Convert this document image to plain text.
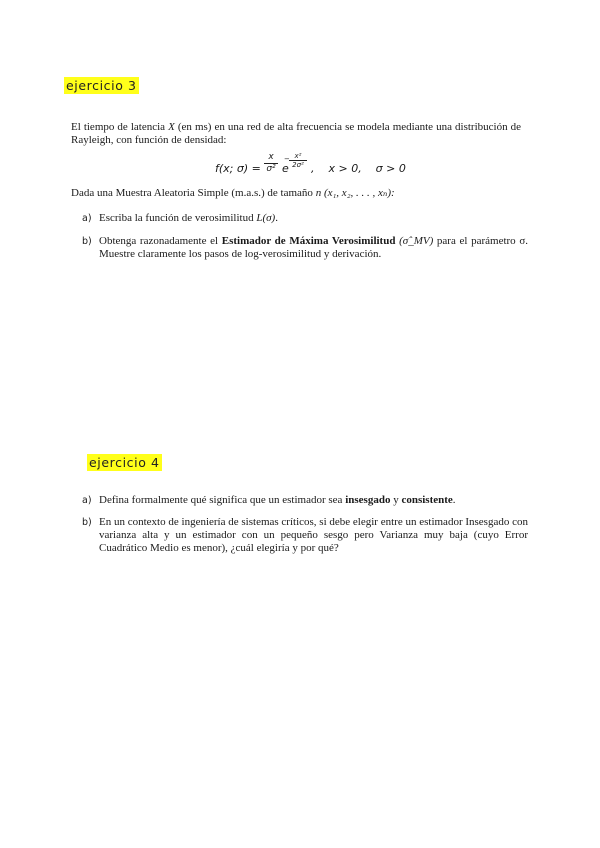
ejercicio 3
El tiempo de latencia X (en ms) en una red de alta frecuencia se modela mediante una distribución de Rayleigh, con función de densidad:
f(x; σ) =
x
σ² e
− x²
2σ² ,    x > 0,    σ > 0
Dada una Muestra Aleatoria Simple (m.a.s.) de tamaño n (x₁, x₂, . . . , xₙ):
a) Escriba la función de verosimilitud L(σ).
b) Obtenga razonadamente el Estimador de Máxima Verosimilitud (σ̂_MV) para el parámetro σ. Muestre claramente los pasos de log-verosimilitud y derivación.
ejercicio 4
a) Defina formalmente qué significa que un estimador sea insesgado y consistente.
b) En un contexto de ingeniería de sistemas críticos, si debe elegir entre un estimador Insesgado con varianza alta y un estimador con un pequeño sesgo pero Varianza muy baja (cuyo Error Cuadrático Medio es menor), ¿cuál elegiría y por qué?
